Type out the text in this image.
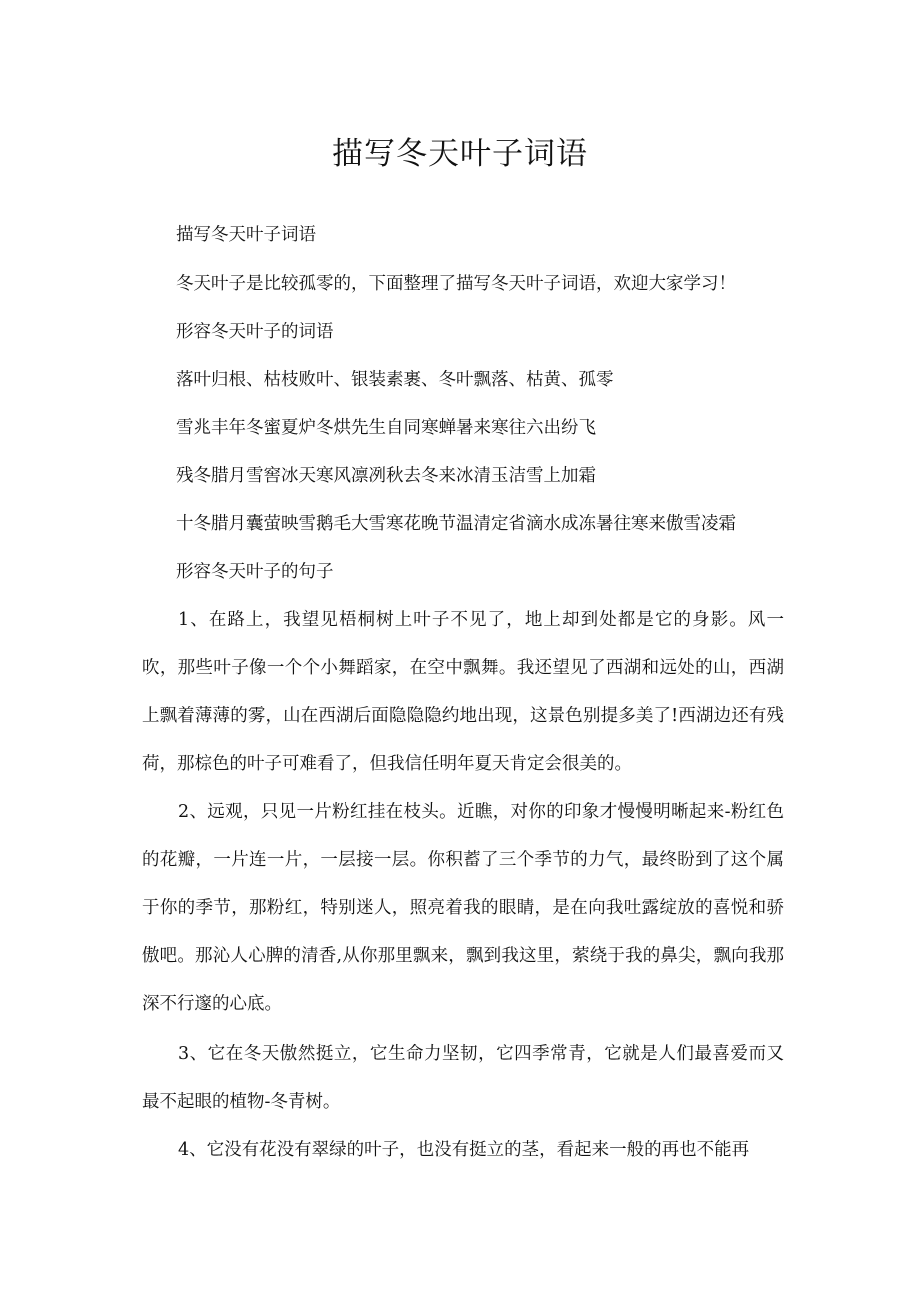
描写冬天叶子词语
描写冬天叶子词语
冬天叶子是比较孤零的，下面整理了描写冬天叶子词语，欢迎大家学习！
形容冬天叶子的词语
落叶归根、枯枝败叶、银装素裹、冬叶飘落、枯黄、孤零
雪兆丰年冬蜜夏炉冬烘先生自同寒蝉暑来寒往六出纷飞
残冬腊月雪窖冰天寒风凛冽秋去冬来冰清玉洁雪上加霜
十冬腊月囊萤映雪鹅毛大雪寒花晚节温清定省滴水成冻暑往寒来傲雪凌霜
形容冬天叶子的句子

1、在路上，我望见梧桐树上叶子不见了，地上却到处都是它的身影。风一吹，那些叶子像一个个小舞蹈家，在空中飘舞。我还望见了西湖和远处的山，西湖上飘着薄薄的雾，山在西湖后面隐隐隐约地出现，这景色别提多美了!西湖边还有残荷，那棕色的叶子可难看了，但我信任明年夏天肯定会很美的。

2、远观，只见一片粉红挂在枝头。近瞧，对你的印象才慢慢明晰起来-粉红色的花瓣，一片连一片，一层接一层。你积蓄了三个季节的力气，最终盼到了这个属于你的季节，那粉红，特别迷人，照亮着我的眼睛，是在向我吐露绽放的喜悦和骄傲吧。那沁人心脾的清香,从你那里飘来，飘到我这里，萦绕于我的鼻尖，飘向我那深不行邃的心底。

3、它在冬天傲然挺立，它生命力坚韧，它四季常青，它就是人们最喜爱而又最不起眼的植物-冬青树。

4、它没有花没有翠绿的叶子，也没有挺立的茎，看起来一般的再也不能再
